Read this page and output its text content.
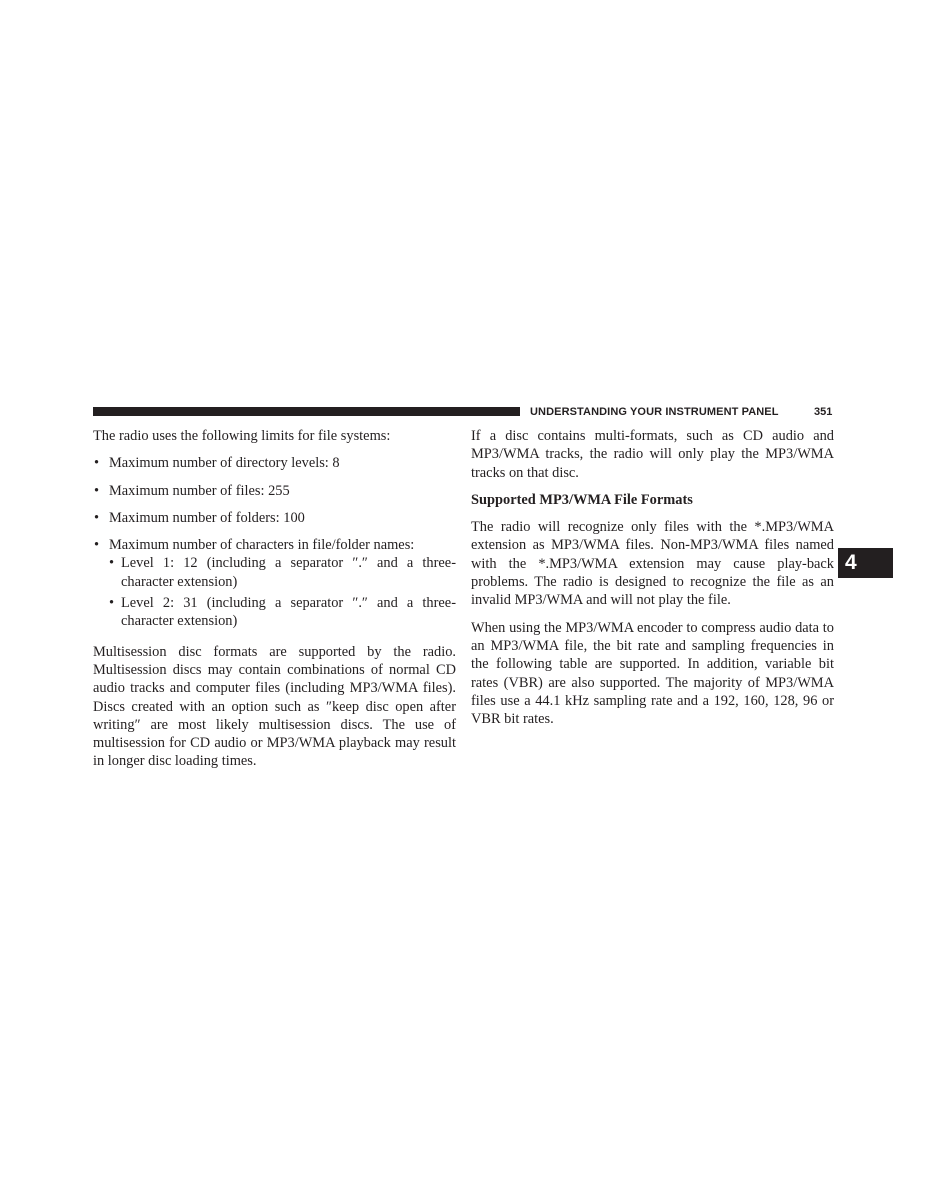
UNDERSTANDING YOUR INSTRUMENT PANEL	351
4

The radio uses the following limits for file systems:

• Maximum number of directory levels: 8
• Maximum number of files: 255
• Maximum number of folders: 100
• Maximum number of characters in file/folder names:
• Level 1: 12 (including a separator ″.″ and a three-character extension)
• Level 2: 31 (including a separator ″.″ and a three-character extension)

Multisession disc formats are supported by the radio. Multisession discs may contain combinations of normal CD audio tracks and computer files (including MP3/WMA files). Discs created with an option such as ″keep disc open after writing″ are most likely multisession discs. The use of multisession for CD audio or MP3/WMA playback may result in longer disc loading times.

If a disc contains multi-formats, such as CD audio and MP3/WMA tracks, the radio will only play the MP3/WMA tracks on that disc.

Supported MP3/WMA File Formats

The radio will recognize only files with the *.MP3/WMA extension as MP3/WMA files. Non-MP3/WMA files named with the *.MP3/WMA extension may cause play-back problems. The radio is designed to recognize the file as an invalid MP3/WMA and will not play the file.

When using the MP3/WMA encoder to compress audio data to an MP3/WMA file, the bit rate and sampling frequencies in the following table are supported. In addition, variable bit rates (VBR) are also supported. The majority of MP3/WMA files use a 44.1 kHz sampling rate and a 192, 160, 128, 96 or VBR bit rates.
